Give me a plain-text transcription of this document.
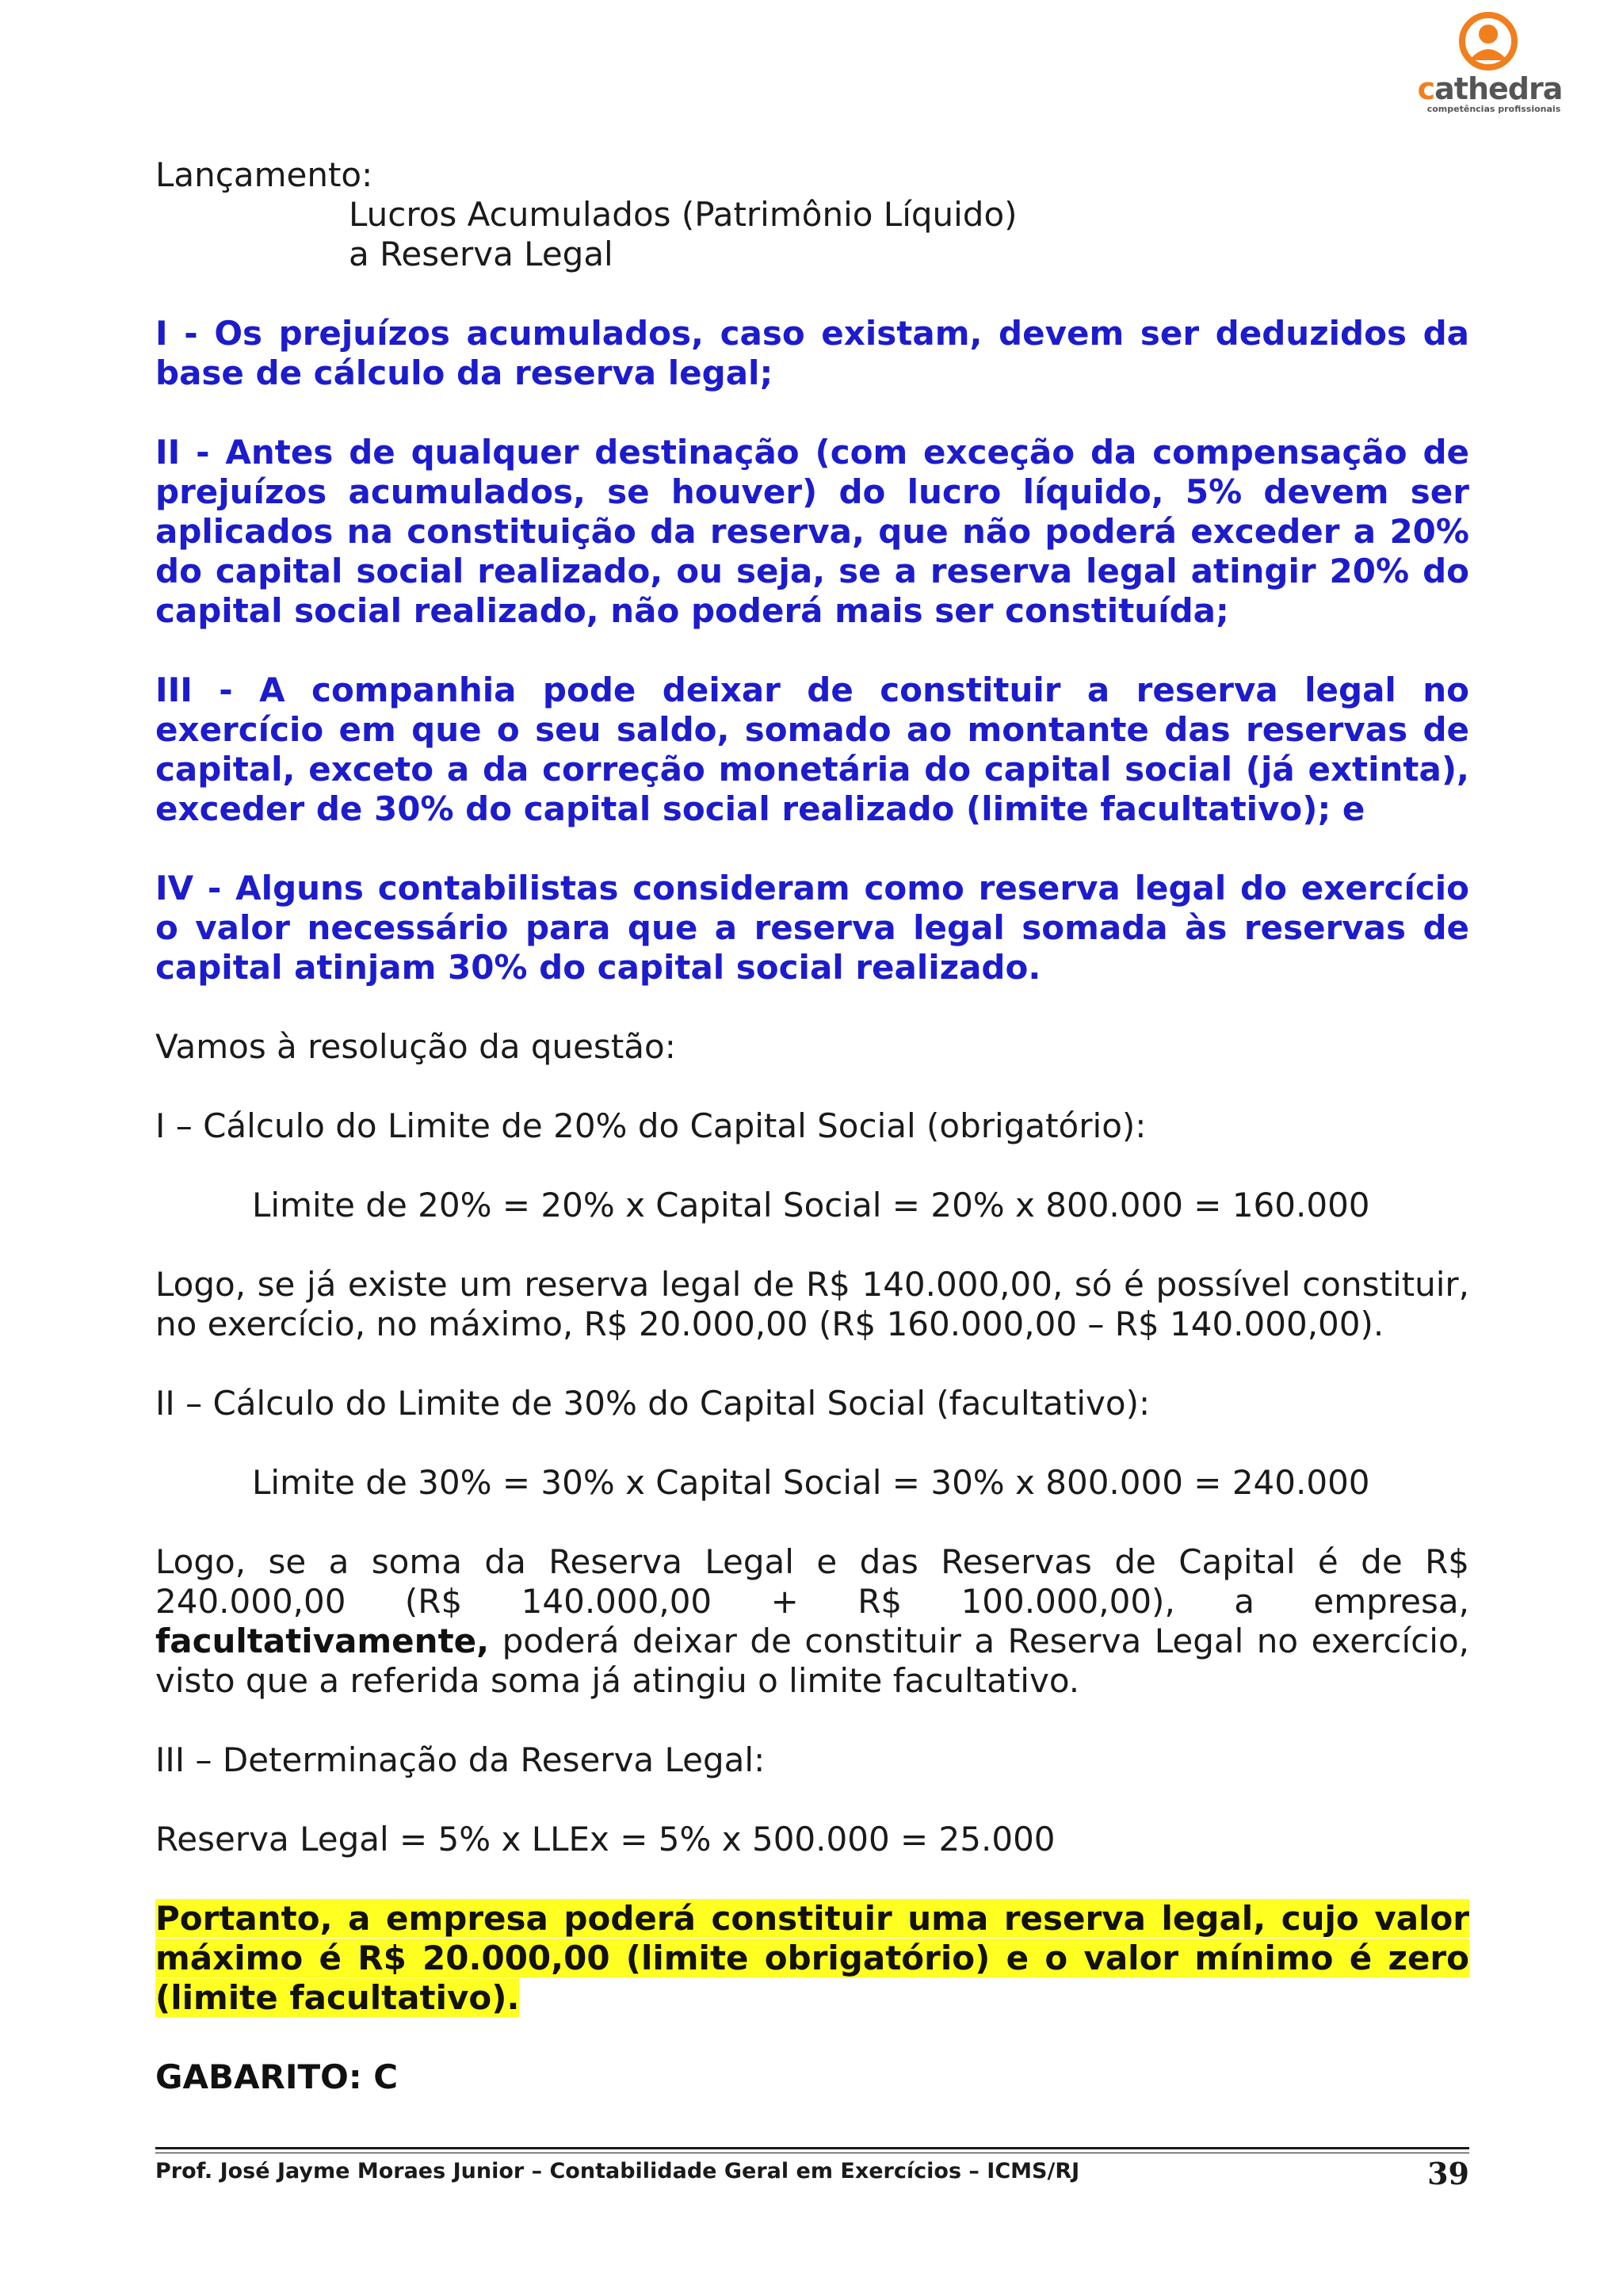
cathedra
competências profissionais

Lançamento:

Lucros Acumulados (Patrimônio Líquido)

a Reserva Legal

I - Os prejuízos acumulados, caso existam, devem ser deduzidos da base de cálculo da reserva legal;

II - Antes de qualquer destinação (com exceção da compensação de prejuízos acumulados, se houver) do lucro líquido, 5% devem ser aplicados na constituição da reserva, que não poderá exceder a 20% do capital social realizado, ou seja, se a reserva legal atingir 20% do capital social realizado, não poderá mais ser constituída;

III - A companhia pode deixar de constituir a reserva legal no exercício em que o seu saldo, somado ao montante das reservas de capital, exceto a da correção monetária do capital social (já extinta), exceder de 30% do capital social realizado (limite facultativo); e

IV - Alguns contabilistas consideram como reserva legal do exercício o valor necessário para que a reserva legal somada às reservas de capital atinjam 30% do capital social realizado.

Vamos à resolução da questão:

I – Cálculo do Limite de 20% do Capital Social (obrigatório):

Limite de 20% = 20% x Capital Social = 20% x 800.000 = 160.000

Logo, se já existe um reserva legal de R$ 140.000,00, só é possível constituir, no exercício, no máximo, R$ 20.000,00 (R$ 160.000,00 – R$ 140.000,00).

II – Cálculo do Limite de 30% do Capital Social (facultativo):

Limite de 30% = 30% x Capital Social = 30% x 800.000 = 240.000

Logo, se a soma da Reserva Legal e das Reservas de Capital é de R$ 240.000,00 (R$ 140.000,00 + R$ 100.000,00), a empresa, facultativamente, poderá deixar de constituir a Reserva Legal no exercício, visto que a referida soma já atingiu o limite facultativo.

III – Determinação da Reserva Legal:

Reserva Legal = 5% x LLEx = 5% x 500.000 = 25.000

Portanto, a empresa poderá constituir uma reserva legal, cujo valor máximo é R$ 20.000,00 (limite obrigatório) e o valor mínimo é zero (limite facultativo).

GABARITO: C

Prof. José Jayme Moraes Junior – Contabilidade Geral em Exercícios – ICMS/RJ	39
